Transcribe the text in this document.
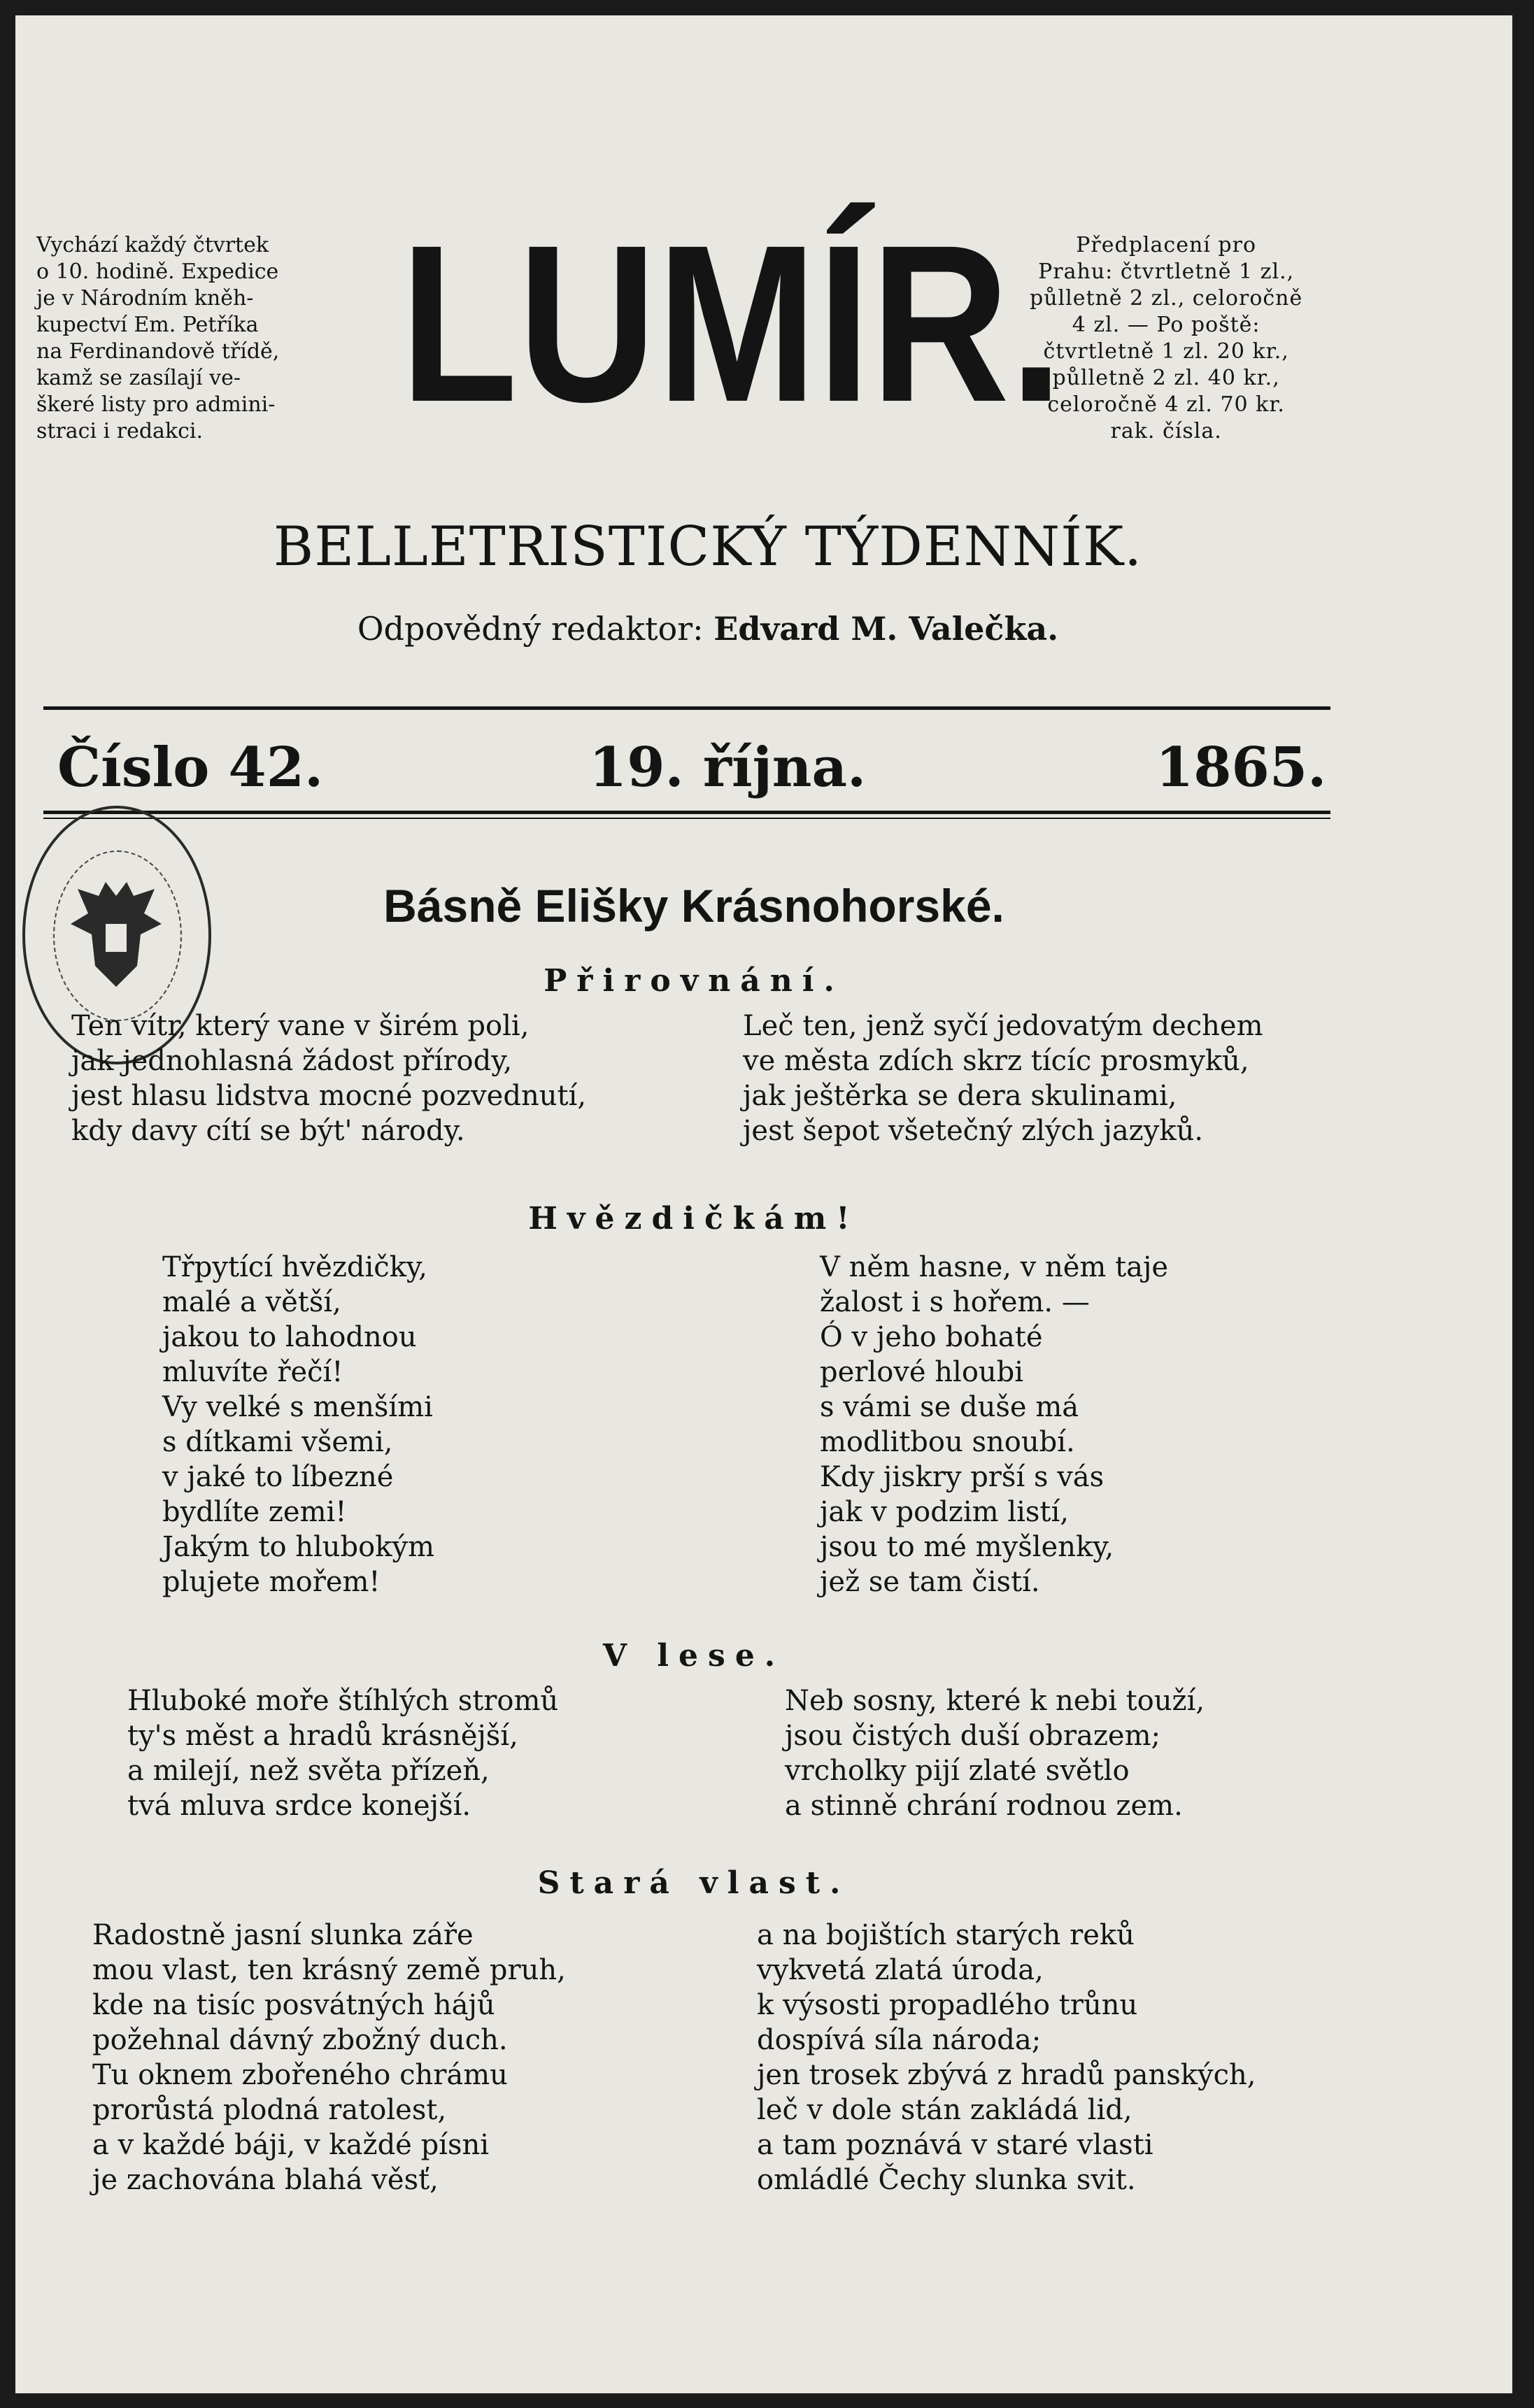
Vychází každý čtvrtek
o 10. hodině. Expedice
je v Národním kněh-
kupectví Em. Petříka
na Ferdinandově třídě,
kamž se zasílají ve-
škeré listy pro admini-
straci i redakci. LUMÍR. Předplacení pro
Prahu: čtvrtletně 1 zl.,
půlletně 2 zl., celoročně
4 zl. — Po poště:
čtvrtletně 1 zl. 20 kr.,
půlletně 2 zl. 40 kr.,
celoročně 4 zl. 70 kr.
rak. čísla.
BELLETRISTICKÝ TÝDENNÍK.
Odpovědný redaktor: Edvard M. Valečka.
Číslo 42.	19. října.	1865.
Básně Elišky Krásnohorské.
Přirovnání.
Ten vítr, který vane v širém poli,
jak jednohlasná žádost přírody,
jest hlasu lidstva mocné pozvednutí,
kdy davy cítí se být' národy.
Leč ten, jenž syčí jedovatým dechem
ve města zdích skrz tícíc prosmyků,
jak ještěrka se dera skulinami,
jest šepot všetečný zlých jazyků.
Hvězdičkám!
Třpytící hvězdičky,
malé a větší,
jakou to lahodnou
mluvíte řečí!
Vy velké s menšími
s dítkami všemi,
v jaké to líbezné
bydlíte zemi!
Jakým to hlubokým
plujete mořem!
V něm hasne, v něm taje
žalost i s hořem. —
Ó v jeho bohaté
perlové hloubi
s vámi se duše má
modlitbou snoubí.
Kdy jiskry prší s vás
jak v podzim listí,
jsou to mé myšlenky,
jež se tam čistí.
V lese.
Hluboké moře štíhlých stromů
ty's měst a hradů krásnější,
a milejí, než světa přízeň,
tvá mluva srdce konejší.
Neb sosny, které k nebi touží,
jsou čistých duší obrazem;
vrcholky pijí zlaté světlo
a stinně chrání rodnou zem.
Stará vlast.
Radostně jasní slunka záře
mou vlast, ten krásný země pruh,
kde na tisíc posvátných hájů
požehnal dávný zbožný duch.
Tu oknem zbořeného chrámu
prorůstá plodná ratolest,
a v každé báji, v každé písni
je zachována blahá věsť,
a na bojištích starých reků
vykvetá zlatá úroda,
k výsosti propadlého trůnu
dospívá síla národa;
jen trosek zbývá z hradů panských,
leč v dole stán zakládá lid,
a tam poznává v staré vlasti
omládlé Čechy slunka svit.
